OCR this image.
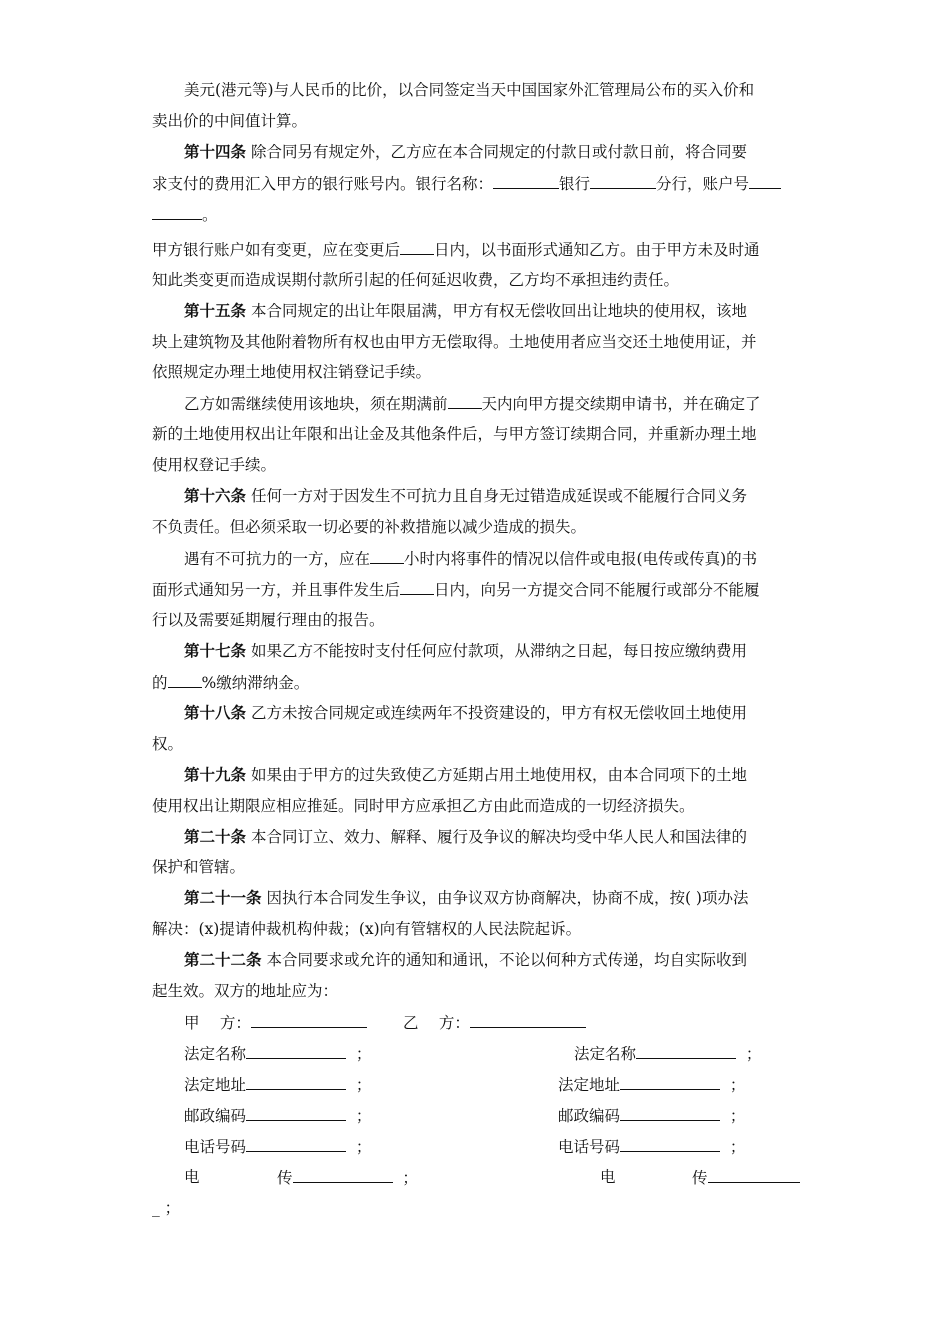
美元(港元等)与人民币的比价，以合同签定当天中国国家外汇管理局公布的买入价和
卖出价的中间值计算。
第十四条 除合同另有规定外，乙方应在本合同规定的付款日或付款日前，将合同要
求支付的费用汇入甲方的银行账号内。银行名称：	银行	分行，账户号
。
甲方银行账户如有变更，应在变更后 日内，以书面形式通知乙方。由于甲方未及时通
知此类变更而造成误期付款所引起的任何延迟收费，乙方均不承担违约责任。
第十五条 本合同规定的出让年限届满，甲方有权无偿收回出让地块的使用权，该地
块上建筑物及其他附着物所有权也由甲方无偿取得。土地使用者应当交还土地使用证，并
依照规定办理土地使用权注销登记手续。
乙方如需继续使用该地块，须在期满前 天内向甲方提交续期申请书，并在确定了
新的土地使用权出让年限和出让金及其他条件后，与甲方签订续期合同，并重新办理土地
使用权登记手续。
第十六条 任何一方对于因发生不可抗力且自身无过错造成延误或不能履行合同义务
不负责任。但必须采取一切必要的补救措施以减少造成的损失。
遇有不可抗力的一方，应在 小时内将事件的情况以信件或电报(电传或传真)的书
面形式通知另一方，并且事件发生后 日内，向另一方提交合同不能履行或部分不能履
行以及需要延期履行理由的报告。
第十七条 如果乙方不能按时支付任何应付款项，从滞纳之日起，每日按应缴纳费用
的 %缴纳滞纳金。
第十八条 乙方未按合同规定或连续两年不投资建设的，甲方有权无偿收回土地使用
权。
第十九条 如果由于甲方的过失致使乙方延期占用土地使用权，由本合同项下的土地
使用权出让期限应相应推延。同时甲方应承担乙方由此而造成的一切经济损失。
第二十条 本合同订立、效力、解释、履行及争议的解决均受中华人民人和国法律的
保护和管辖。
第二十一条 因执行本合同发生争议，由争议双方协商解决，协商不成，按( )项办法
解决：(x)提请仲裁机构仲裁；(x)向有管辖权的人民法院起诉。
第二十二条 本合同要求或允许的通知和通讯，不论以何种方式传递，均自实际收到
起生效。双方的地址应为：
甲　 方：	乙　 方：
法定名称	；	法定名称	；
法定地址	；	法定地址	；
邮政编码	；	邮政编码	；
电话号码	；	电话号码	；
电	传	；	电	传
_ ；
